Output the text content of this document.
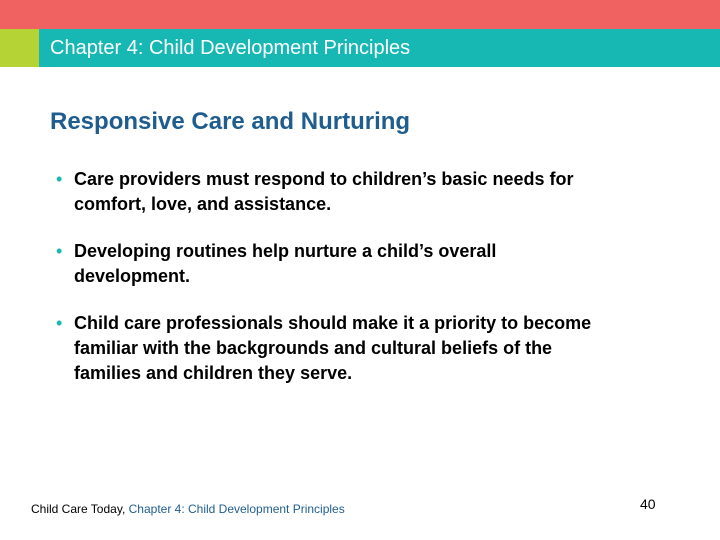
Chapter 4: Child Development Principles
Responsive Care and Nurturing
• Care providers must respond to children’s basic needs for comfort, love, and assistance.
• Developing routines help nurture a child’s overall development.
• Child care professionals should make it a priority to become familiar with the backgrounds and cultural beliefs of the families and children they serve.
Child Care Today, Chapter 4: Child Development Principles	40
